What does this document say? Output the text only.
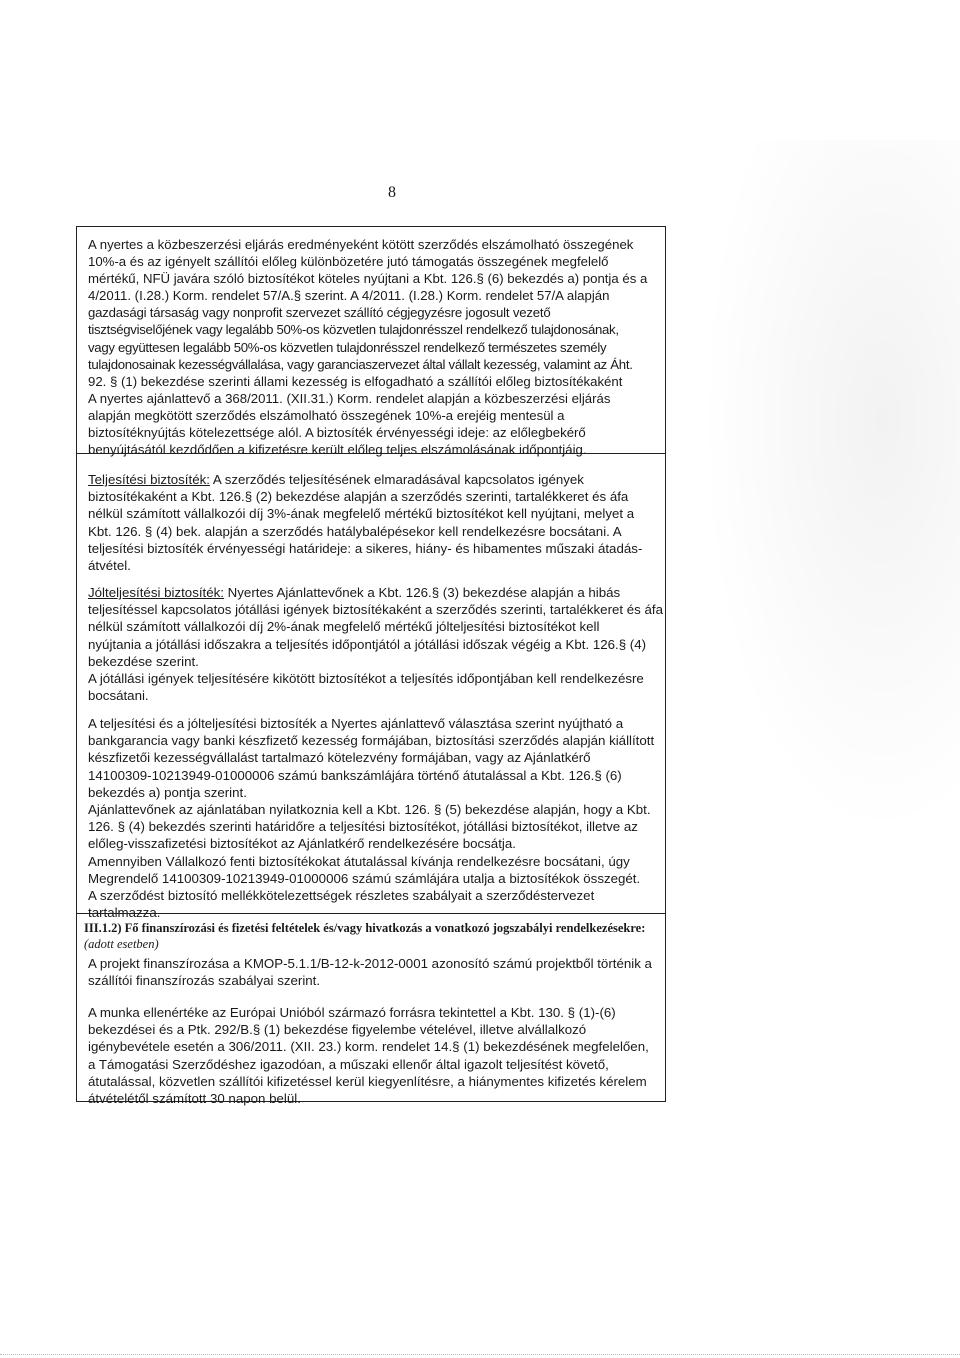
8

A nyertes a közbeszerzési eljárás eredményeként kötött szerződés elszámolható összegének

10%-a és az igényelt szállítói előleg különbözetére jutó támogatás összegének megfelelő

mértékű, NFÜ javára szóló biztosítékot köteles nyújtani a Kbt. 126.§ (6) bekezdés a) pontja és a

4/2011. (I.28.) Korm. rendelet 57/A.§ szerint. A 4/2011. (I.28.) Korm. rendelet 57/A alapján

gazdasági társaság vagy nonprofit szervezet szállító cégjegyzésre jogosult vezető

tisztségviselőjének vagy legalább 50%-os közvetlen tulajdonrésszel rendelkező tulajdonosának,

vagy együttesen legalább 50%-os közvetlen tulajdonrésszel rendelkező természetes személy

tulajdonosainak kezességvállalása, vagy garanciaszervezet által vállalt kezesség, valamint az Áht.

92. § (1) bekezdése szerinti állami kezesség is elfogadható a szállítói előleg biztosítékaként

A nyertes ajánlattevő a 368/2011. (XII.31.) Korm. rendelet alapján a közbeszerzési eljárás

alapján megkötött szerződés elszámolható összegének 10%-a erejéig mentesül a

biztosítéknyújtás kötelezettsége alól. A biztosíték érvényességi ideje: az előlegbekérő

benyújtásától kezdődően a kifizetésre került előleg teljes elszámolásának időpontjáig.

Teljesítési biztosíték: A szerződés teljesítésének elmaradásával kapcsolatos igények

biztosítékaként a Kbt. 126.§ (2) bekezdése alapján a szerződés szerinti, tartalékkeret és áfa

nélkül számított vállalkozói díj 3%-ának megfelelő mértékű biztosítékot kell nyújtani, melyet a

Kbt. 126. § (4) bek. alapján a szerződés hatálybalépésekor kell rendelkezésre bocsátani. A

teljesítési biztosíték érvényességi határideje: a sikeres, hiány- és hibamentes műszaki átadás-

átvétel.

Jólteljesítési biztosíték: Nyertes Ajánlattevőnek a Kbt. 126.§ (3) bekezdése alapján a hibás

teljesítéssel kapcsolatos jótállási igények biztosítékaként a szerződés szerinti, tartalékkeret és áfa

nélkül számított vállalkozói díj 2%-ának megfelelő mértékű jólteljesítési biztosítékot kell

nyújtania a jótállási időszakra a teljesítés időpontjától a jótállási időszak végéig a Kbt. 126.§ (4)

bekezdése szerint.

A jótállási igények teljesítésére kikötött biztosítékot a teljesítés időpontjában kell rendelkezésre

bocsátani.

A teljesítési és a jólteljesítési biztosíték a Nyertes ajánlattevő választása szerint nyújtható a

bankgarancia vagy banki készfizető kezesség formájában, biztosítási szerződés alapján kiállított

készfizetői kezességvállalást tartalmazó kötelezvény formájában, vagy az Ajánlatkérő

14100309-10213949-01000006 számú bankszámlájára történő átutalással a Kbt. 126.§ (6)

bekezdés a) pontja szerint.

Ajánlattevőnek az ajánlatában nyilatkoznia kell a Kbt. 126. § (5) bekezdése alapján, hogy a Kbt.

126. § (4) bekezdés szerinti határidőre a teljesítési biztosítékot, jótállási biztosítékot, illetve az

előleg-visszafizetési biztosítékot az Ajánlatkérő rendelkezésére bocsátja.

Amennyiben Vállalkozó fenti biztosítékokat átutalással kívánja rendelkezésre bocsátani, úgy

Megrendelő 14100309-10213949-01000006 számú számlájára utalja a biztosítékok összegét.

A szerződést biztosító mellékkötelezettségek részletes szabályait a szerződéstervezet

tartalmazza.

III.1.2) Fő finanszírozási és fizetési feltételek és/vagy hivatkozás a vonatkozó jogszabályi rendelkezésekre:
(adott esetben)

A projekt finanszírozása a KMOP-5.1.1/B-12-k-2012-0001 azonosító számú projektből történik a

szállítói finanszírozás szabályai szerint.

A munka ellenértéke az Európai Unióból származó forrásra tekintettel a Kbt. 130. § (1)-(6)

bekezdései és a Ptk. 292/B.§ (1) bekezdése figyelembe vételével, illetve alvállalkozó

igénybevétele esetén a 306/2011. (XII. 23.) korm. rendelet 14.§ (1) bekezdésének megfelelően,

a Támogatási Szerződéshez igazodóan, a műszaki ellenőr által igazolt teljesítést követő,

átutalással, közvetlen szállítói kifizetéssel kerül kiegyenlítésre, a hiánymentes kifizetés kérelem

átvételétől számított 30 napon belül.
